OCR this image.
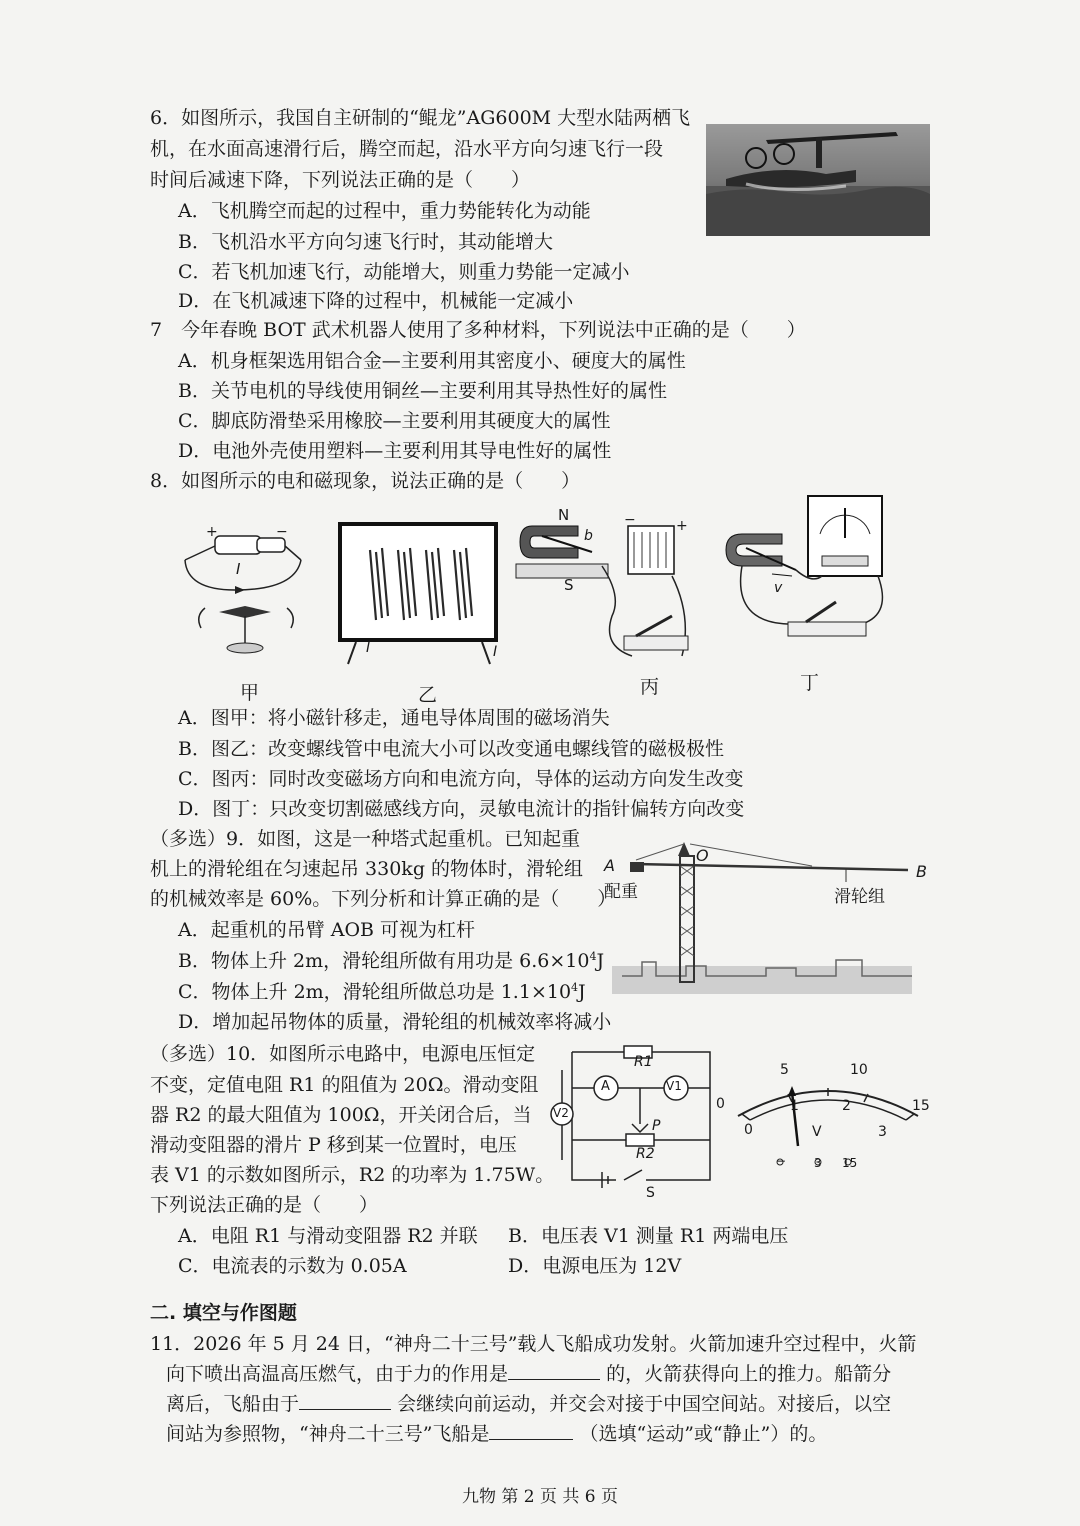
6．如图所示，我国自主研制的“鲲龙”AG600M 大型水陆两栖飞
机，在水面高速滑行后，腾空而起，沿水平方向匀速飞行一段
时间后减速下降，下列说法正确的是（　　）
A．飞机腾空而起的过程中，重力势能转化为动能
B．飞机沿水平方向匀速飞行时，其动能增大
C．若飞机加速飞行，动能增大，则重力势能一定减小
D．在飞机减速下降的过程中，机械能一定减小
7　今年春晚 BOT 武术机器人使用了多种材料，下列说法中正确的是（　　）
A．机身框架选用铝合金—主要利用其密度小、硬度大的属性
B．关节电机的导线使用铜丝—主要利用其导热性好的属性
C．脚底防滑垫采用橡胶—主要利用其硬度大的属性
D．电池外壳使用塑料—主要利用其导电性好的属性
8．如图所示的电和磁现象，说法正确的是（　　）
+	−
I
I	I
N
b
S
−	+
v
甲	乙	丙	丁
A．图甲：将小磁针移走，通电导体周围的磁场消失
B．图乙：改变螺线管中电流大小可以改变通电螺线管的磁极极性
C．图丙：同时改变磁场方向和电流方向，导体的运动方向发生改变
D．图丁：只改变切割磁感线方向，灵敏电流计的指针偏转方向改变
（多选）9．如图，这是一种塔式起重机。已知起重
机上的滑轮组在匀速起吊 330kg 的物体时，滑轮组
的机械效率是 60%。下列分析和计算正确的是（　　）
A．起重机的吊臂 AOB 可视为杠杆
B．物体上升 2m，滑轮组所做有用功是 $6.6\times 10^4J$
C．物体上升 2m，滑轮组所做总功是 $1.1\times 10^4J$
D．增加起吊物体的质量，滑轮组的机械效率将减小
A
O
B
配重	滑轮组
（多选）10．如图所示电路中，电源电压恒定
不变，定值电阻 R1 的阻值为 20Ω。滑动变阻
器 R2 的最大阻值为 100Ω，开关闭合后，当
滑动变阻器的滑片 P 移到某一位置时，电压
表 V1 的示数如图所示，R2 的功率为 1.75W。
下列说法正确的是（　　）
R1
A	V1
V2
P
R2
S
0
5	10
15
0
1	2
3
V
− 3 15
A．电阻 R1 与滑动变阻器 R2 并联 B．电压表 V1 测量 R1 两端电压
C．电流表的示数为 0.05A	D．电源电压为 12V
二. 填空与作图题
11．2026 年 5 月 24 日，“神舟二十三号”载人飞船成功发射。火箭加速升空过程中，火箭
向下喷出高温高压燃气，由于力的作用是	的，火箭获得向上的推力。船箭分
离后，飞船由于	会继续向前运动，并交会对接于中国空间站。对接后，以空
间站为参照物，“神舟二十三号”飞船是	（选填“运动”或“静止”）的。
九物 第 2 页 共 6 页
